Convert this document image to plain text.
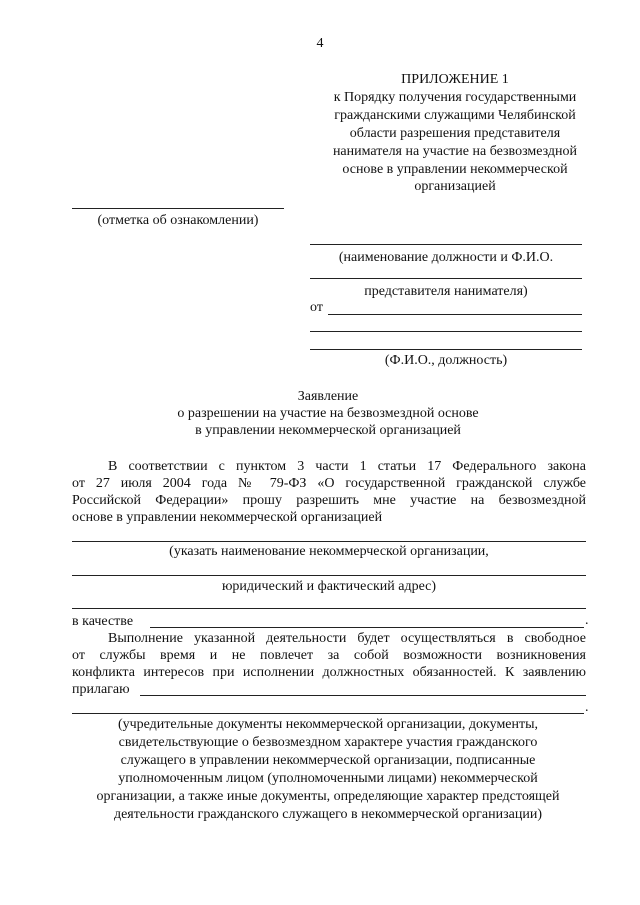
4
ПРИЛОЖЕНИЕ 1
к Порядку получения государственными
гражданскими служащими Челябинской
области разрешения представителя
нанимателя на участие на безвозмездной
основе в управлении некоммерческой
организацией
(отметка об ознакомлении)
(наименование должности и Ф.И.О.
представителя нанимателя)
от
(Ф.И.О., должность)
Заявление
о разрешении на участие на безвозмездной основе
в управлении некоммерческой организацией
В соответствии с пунктом 3 части 1 статьи 17 Федерального закона
от 27 июля 2004 года № 79-ФЗ «О государственной гражданской службе
Российской Федерации» прошу разрешить мне участие на безвозмездной
основе в управлении некоммерческой организацией
(указать наименование некоммерческой организации,
юридический и фактический адрес)
в качестве	.
Выполнение указанной деятельности будет осуществляться в свободное
от службы время и не повлечет за собой возможности возникновения
конфликта интересов при исполнении должностных обязанностей. К заявлению
прилагаю
.
(учредительные документы некоммерческой организации, документы,
свидетельствующие о безвозмездном характере участия гражданского
служащего в управлении некоммерческой организации, подписанные
уполномоченным лицом (уполномоченными лицами) некоммерческой
организации, а также иные документы, определяющие характер предстоящей
деятельности гражданского служащего в некоммерческой организации)
